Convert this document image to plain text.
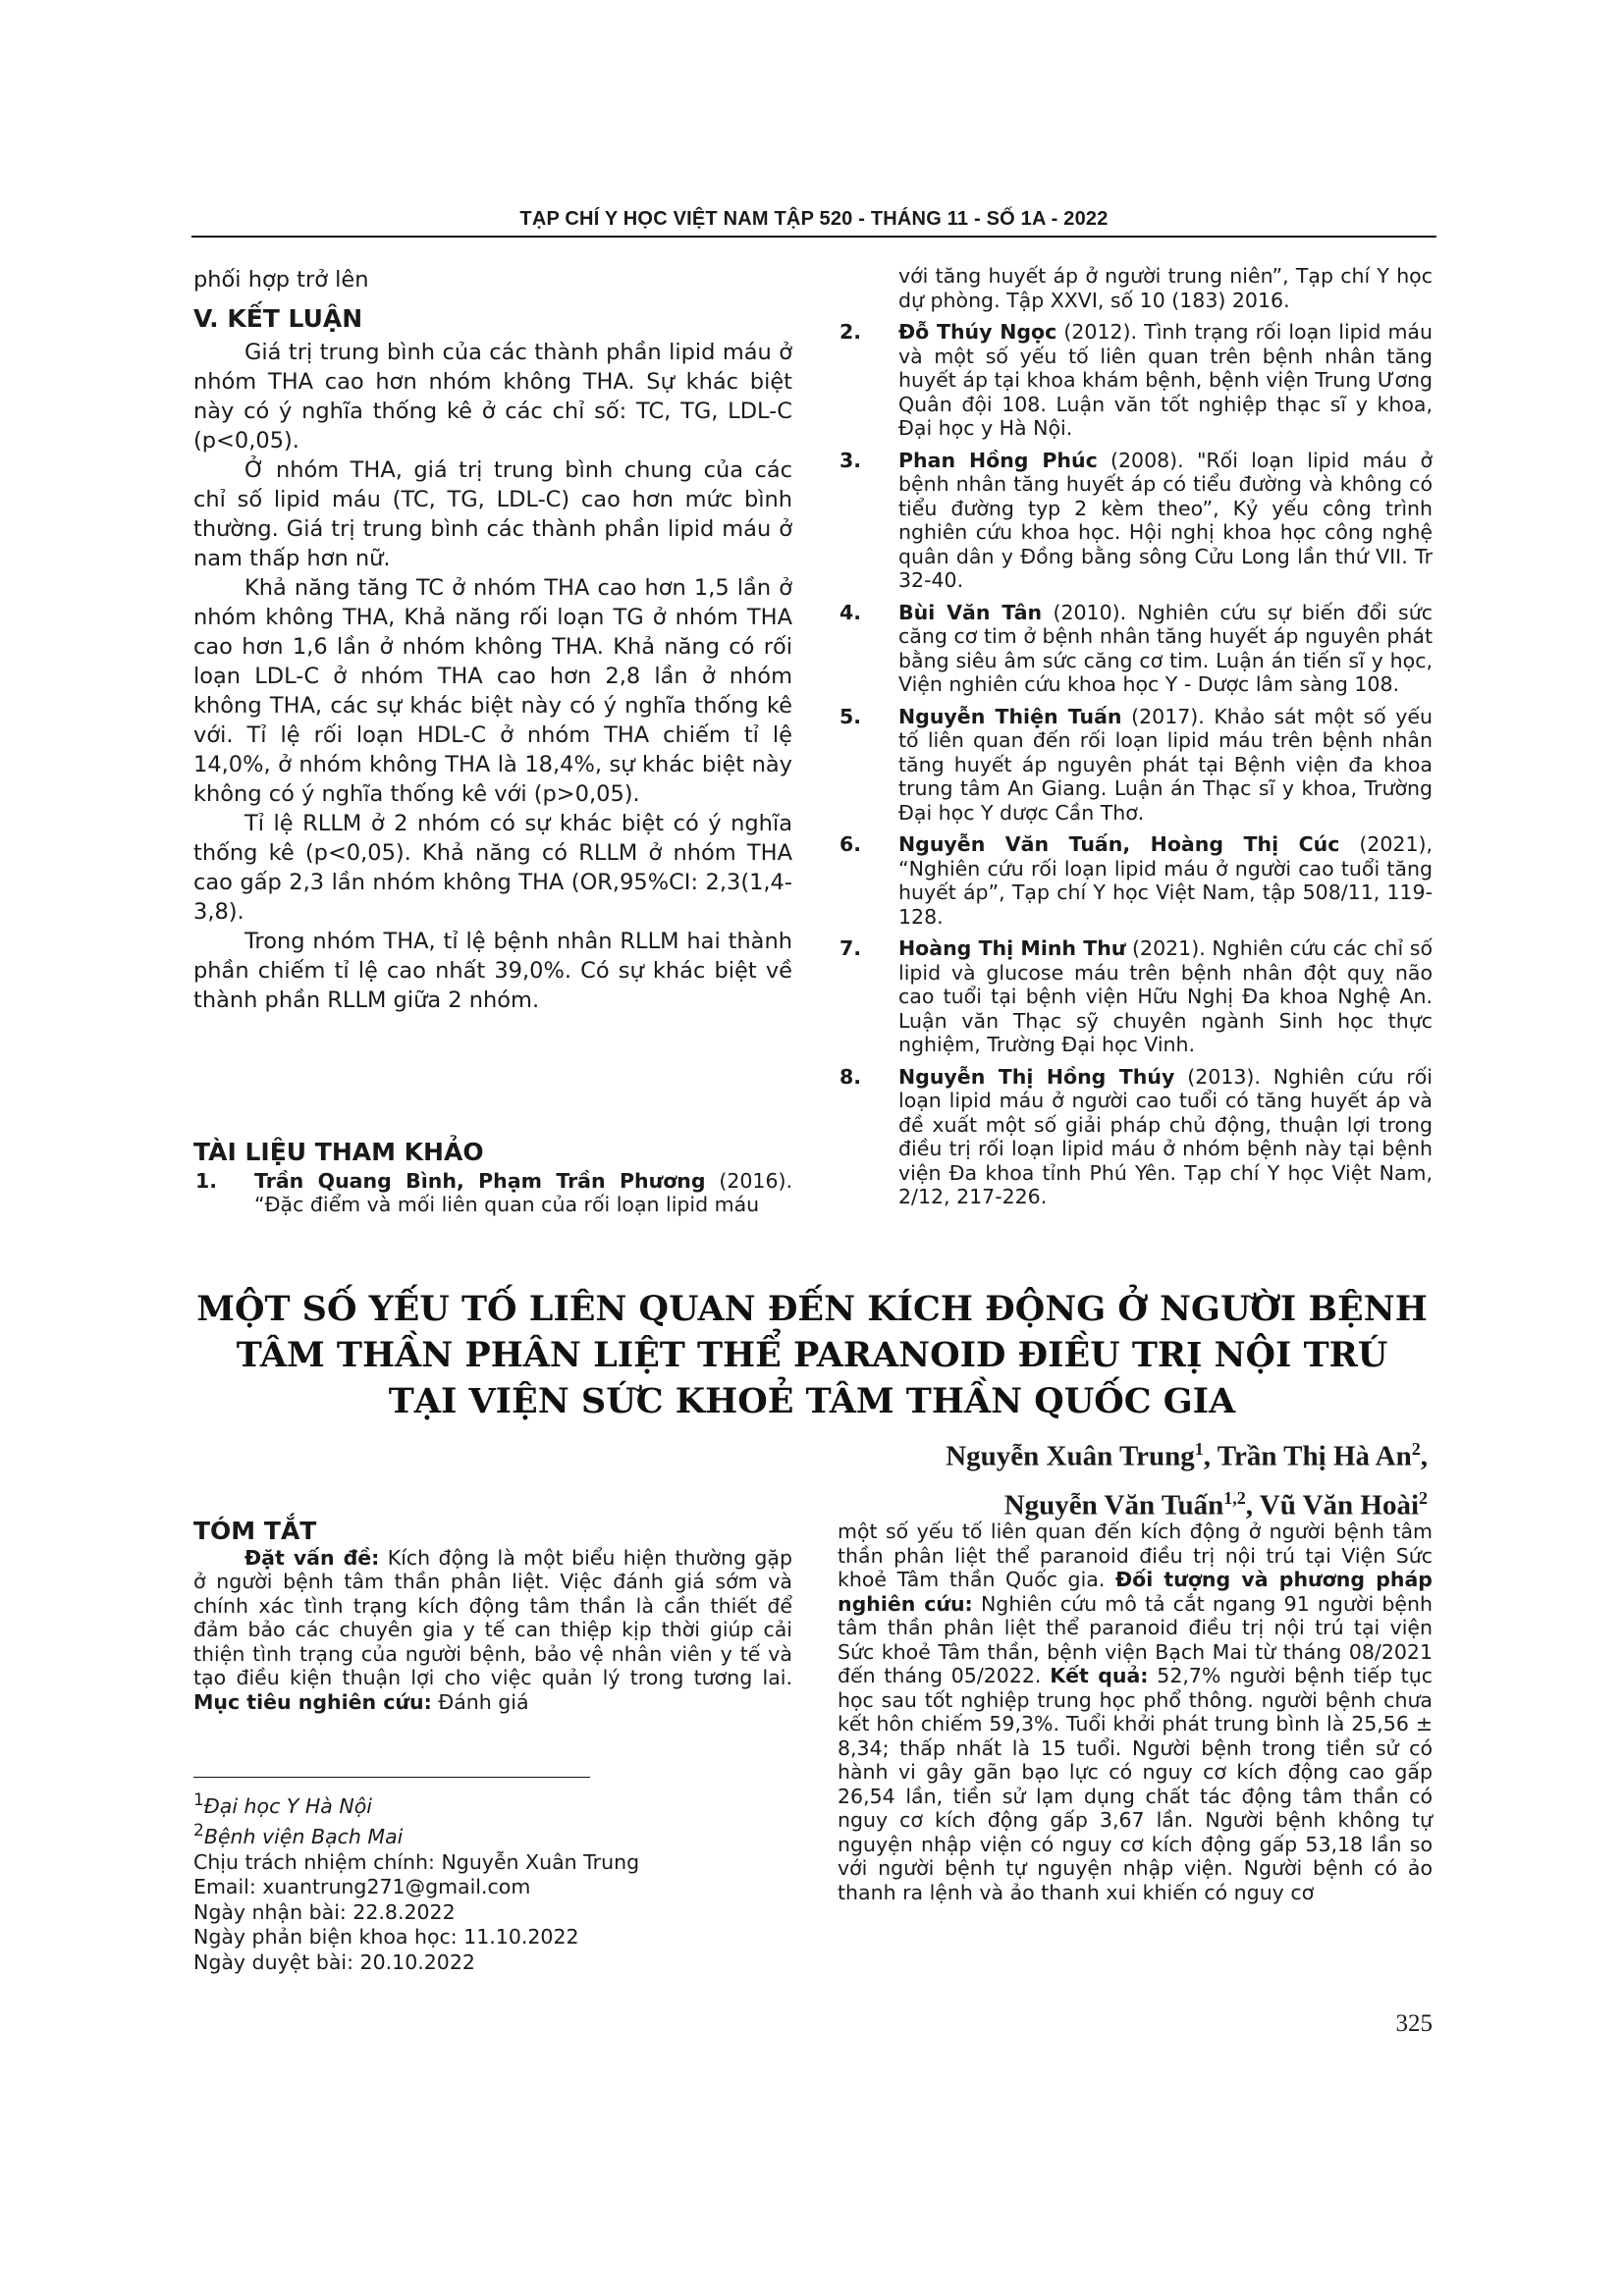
TẠP CHÍ Y HỌC VIỆT NAM TẬP 520 - THÁNG 11 - SỐ 1A - 2022

phối hợp trở lên

V. KẾT LUẬN

Giá trị trung bình của các thành phần lipid máu ở nhóm THA cao hơn nhóm không THA. Sự khác biệt này có ý nghĩa thống kê ở các chỉ số: TC, TG, LDL-C (p<0,05).

Ở nhóm THA, giá trị trung bình chung của các chỉ số lipid máu (TC, TG, LDL-C) cao hơn mức bình thường. Giá trị trung bình các thành phần lipid máu ở nam thấp hơn nữ.

Khả năng tăng TC ở nhóm THA cao hơn 1,5 lần ở nhóm không THA, Khả năng rối loạn TG ở nhóm THA cao hơn 1,6 lần ở nhóm không THA. Khả năng có rối loạn LDL-C ở nhóm THA cao hơn 2,8 lần ở nhóm không THA, các sự khác biệt này có ý nghĩa thống kê với. Tỉ lệ rối loạn HDL-C ở nhóm THA chiếm tỉ lệ 14,0%, ở nhóm không THA là 18,4%, sự khác biệt này không có ý nghĩa thống kê với (p>0,05).

Tỉ lệ RLLM ở 2 nhóm có sự khác biệt có ý nghĩa thống kê (p<0,05). Khả năng có RLLM ở nhóm THA cao gấp 2,3 lần nhóm không THA (OR,95%CI: 2,3(1,4-3,8).

Trong nhóm THA, tỉ lệ bệnh nhân RLLM hai thành phần chiếm tỉ lệ cao nhất 39,0%. Có sự khác biệt về thành phần RLLM giữa 2 nhóm.

TÀI LIỆU THAM KHẢO
1.	Trần Quang Bình, Phạm Trần Phương (2016). “Đặc điểm và mối liên quan của rối loạn lipid máu
với tăng huyết áp ở người trung niên”, Tạp chí Y học dự phòng. Tập XXVI, số 10 (183) 2016.
2.	Đỗ Thúy Ngọc (2012). Tình trạng rối loạn lipid máu và một số yếu tố liên quan trên bệnh nhân tăng huyết áp tại khoa khám bệnh, bệnh viện Trung Ương Quân đội 108. Luận văn tốt nghiệp thạc sĩ y khoa, Đại học y Hà Nội.
3.	Phan Hồng Phúc (2008). "Rối loạn lipid máu ở bệnh nhân tăng huyết áp có tiểu đường và không có tiểu đường typ 2 kèm theo”, Kỷ yếu công trình nghiên cứu khoa học. Hội nghị khoa học công nghệ quân dân y Đồng bằng sông Cửu Long lần thứ VII. Tr 32-40.
4.	Bùi Văn Tân (2010). Nghiên cứu sự biến đổi sức căng cơ tim ở bệnh nhân tăng huyết áp nguyên phát bằng siêu âm sức căng cơ tim. Luận án tiến sĩ y học, Viện nghiên cứu khoa học Y - Dược lâm sàng 108.
5.	Nguyễn Thiện Tuấn (2017). Khảo sát một số yếu tố liên quan đến rối loạn lipid máu trên bệnh nhân tăng huyết áp nguyên phát tại Bệnh viện đa khoa trung tâm An Giang. Luận án Thạc sĩ y khoa, Trường Đại học Y dược Cần Thơ.
6.	Nguyễn Văn Tuấn, Hoàng Thị Cúc (2021), “Nghiên cứu rối loạn lipid máu ở người cao tuổi tăng huyết áp”, Tạp chí Y học Việt Nam, tập 508/11, 119-128.
7.	Hoàng Thị Minh Thư (2021). Nghiên cứu các chỉ số lipid và glucose máu trên bệnh nhân đột quỵ não cao tuổi tại bệnh viện Hữu Nghị Đa khoa Nghệ An. Luận văn Thạc sỹ chuyên ngành Sinh học thực nghiệm, Trường Đại học Vinh.
8.	Nguyễn Thị Hồng Thúy (2013). Nghiên cứu rối loạn lipid máu ở người cao tuổi có tăng huyết áp và đề xuất một số giải pháp chủ động, thuận lợi trong điều trị rối loạn lipid máu ở nhóm bệnh này tại bệnh viện Đa khoa tỉnh Phú Yên. Tạp chí Y học Việt Nam, 2/12, 217-226.
MỘT SỐ YẾU TỐ LIÊN QUAN ĐẾN KÍCH ĐỘNG Ở NGƯỜI BỆNH
TÂM THẦN PHÂN LIỆT THỂ PARANOID ĐIỀU TRỊ NỘI TRÚ
TẠI VIỆN SỨC KHOẺ TÂM THẦN QUỐC GIA
Nguyễn Xuân Trung$^1$, Trần Thị Hà An$^2$,
Nguyễn Văn Tuấn$^{1,2}$, Vũ Văn Hoài$^2$
TÓM TẮT

Đặt vấn đề: Kích động là một biểu hiện thường gặp ở người bệnh tâm thần phân liệt. Việc đánh giá sớm và chính xác tình trạng kích động tâm thần là cần thiết để đảm bảo các chuyên gia y tế can thiệp kịp thời giúp cải thiện tình trạng của người bệnh, bảo vệ nhân viên y tế và tạo điều kiện thuận lợi cho việc quản lý trong tương lai. Mục tiêu nghiên cứu: Đánh giá

$^1$Đại học Y Hà Nội

$^2$Bệnh viện Bạch Mai

Chịu trách nhiệm chính: Nguyễn Xuân Trung

Email: xuantrung271@gmail.com

Ngày nhận bài: 22.8.2022

Ngày phản biện khoa học: 11.10.2022

Ngày duyệt bài: 20.10.2022

một số yếu tố liên quan đến kích động ở người bệnh tâm thần phân liệt thể paranoid điều trị nội trú tại Viện Sức khoẻ Tâm thần Quốc gia. Đối tượng và phương pháp nghiên cứu: Nghiên cứu mô tả cắt ngang 91 người bệnh tâm thần phân liệt thể paranoid điều trị nội trú tại viện Sức khoẻ Tâm thần, bệnh viện Bạch Mai từ tháng 08/2021 đến tháng 05/2022. Kết quả: 52,7% người bệnh tiếp tục học sau tốt nghiệp trung học phổ thông. người bệnh chưa kết hôn chiếm 59,3%. Tuổi khởi phát trung bình là 25,56 ± 8,34; thấp nhất là 15 tuổi. Người bệnh trong tiền sử có hành vi gây gãn bạo lực có nguy cơ kích động cao gấp 26,54 lần, tiền sử lạm dụng chất tác động tâm thần có nguy cơ kích động gấp 3,67 lần. Người bệnh không tự nguyện nhập viện có nguy cơ kích động gấp 53,18 lần so với người bệnh tự nguyện nhập viện. Người bệnh có ảo thanh ra lệnh và ảo thanh xui khiến có nguy cơ

325
